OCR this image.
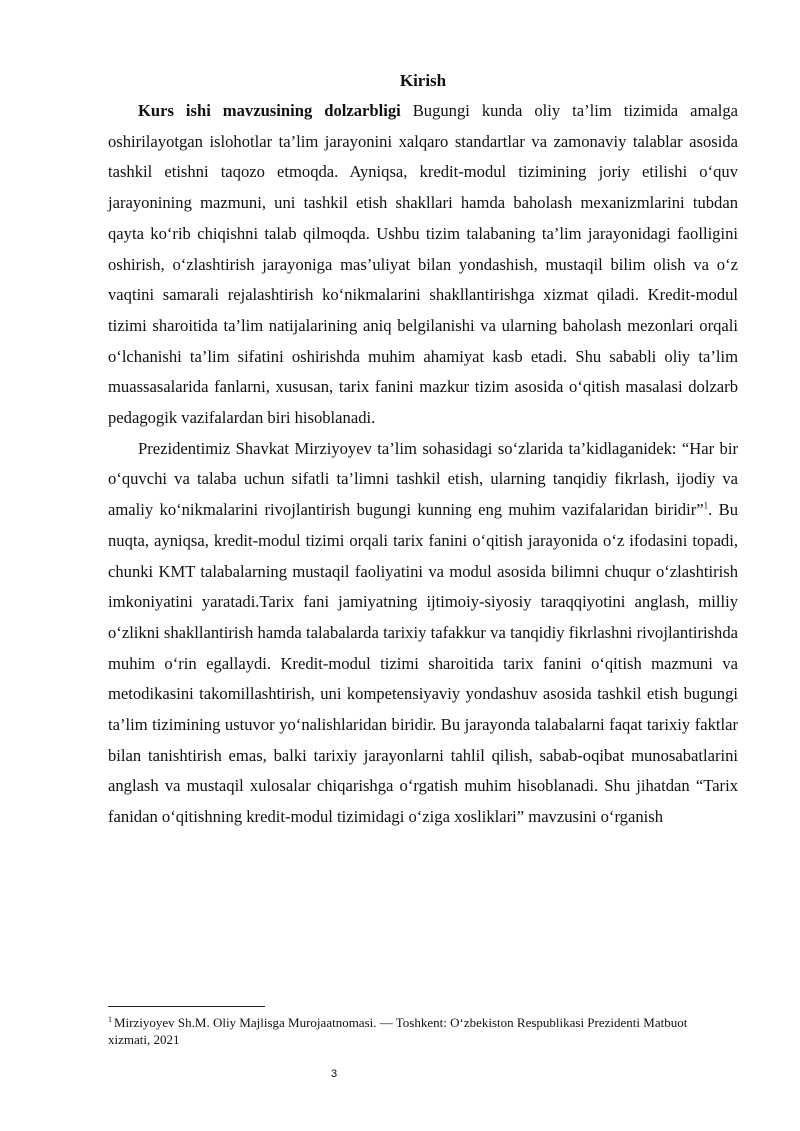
Kirish

Kurs ishi mavzusining dolzarbligi Bugungi kunda oliy ta’lim tizimida amalga oshirilayotgan islohotlar ta’lim jarayonini xalqaro standartlar va zamonaviy talablar asosida tashkil etishni taqozo etmoqda. Ayniqsa, kredit-modul tizimining joriy etilishi o‘quv jarayonining mazmuni, uni tashkil etish shakllari hamda baholash mexanizmlarini tubdan qayta ko‘rib chiqishni talab qilmoqda. Ushbu tizim talabaning ta’lim jarayonidagi faolligini oshirish, o‘zlashtirish jarayoniga mas’uliyat bilan yondashish, mustaqil bilim olish va o‘z vaqtini samarali rejalashtirish ko‘nikmalarini shakllantirishga xizmat qiladi. Kredit-modul tizimi sharoitida ta’lim natijalarining aniq belgilanishi va ularning baholash mezonlari orqali o‘lchanishi ta’lim sifatini oshirishda muhim ahamiyat kasb etadi. Shu sababli oliy ta’lim muassasalarida fanlarni, xususan, tarix fanini mazkur tizim asosida o‘qitish masalasi dolzarb pedagogik vazifalardan biri hisoblanadi.

Prezidentimiz Shavkat Mirziyoyev ta’lim sohasidagi so‘zlarida ta’kidlaganidek: “Har bir o‘quvchi va talaba uchun sifatli ta’limni tashkil etish, ularning tanqidiy fikrlash, ijodiy va amaliy ko‘nikmalarini rivojlantirish bugungi kunning eng muhim vazifalaridan biridir”$^1$. Bu nuqta, ayniqsa, kredit-modul tizimi orqali tarix fanini o‘qitish jarayonida o‘z ifodasini topadi, chunki KMT talabalarning mustaqil faoliyatini va modul asosida bilimni chuqur o‘zlashtirish imkoniyatini yaratadi.Tarix fani jamiyatning ijtimoiy-siyosiy taraqqiyotini anglash, milliy o‘zlikni shakllantirish hamda talabalarda tarixiy tafakkur va tanqidiy fikrlashni rivojlantirishda muhim o‘rin egallaydi. Kredit-modul tizimi sharoitida tarix fanini o‘qitish mazmuni va metodikasini takomillashtirish, uni kompetensiyaviy yondashuv asosida tashkil etish bugungi ta’lim tizimining ustuvor yo‘nalishlaridan biridir. Bu jarayonda talabalarni faqat tarixiy faktlar bilan tanishtirish emas, balki tarixiy jarayonlarni tahlil qilish, sabab-oqibat munosabatlarini anglash va mustaqil xulosalar chiqarishga o‘rgatish muhim hisoblanadi. Shu jihatdan “Tarix fanidan o‘qitishning kredit-modul tizimidagi o‘ziga xosliklari” mavzusini o‘rganish

$^1$ Mirziyoyev Sh.M. Oliy Majlisga Murojaatnomasi. — Toshkent: O‘zbekiston Respublikasi Prezidenti Matbuot xizmati, 2021

3
